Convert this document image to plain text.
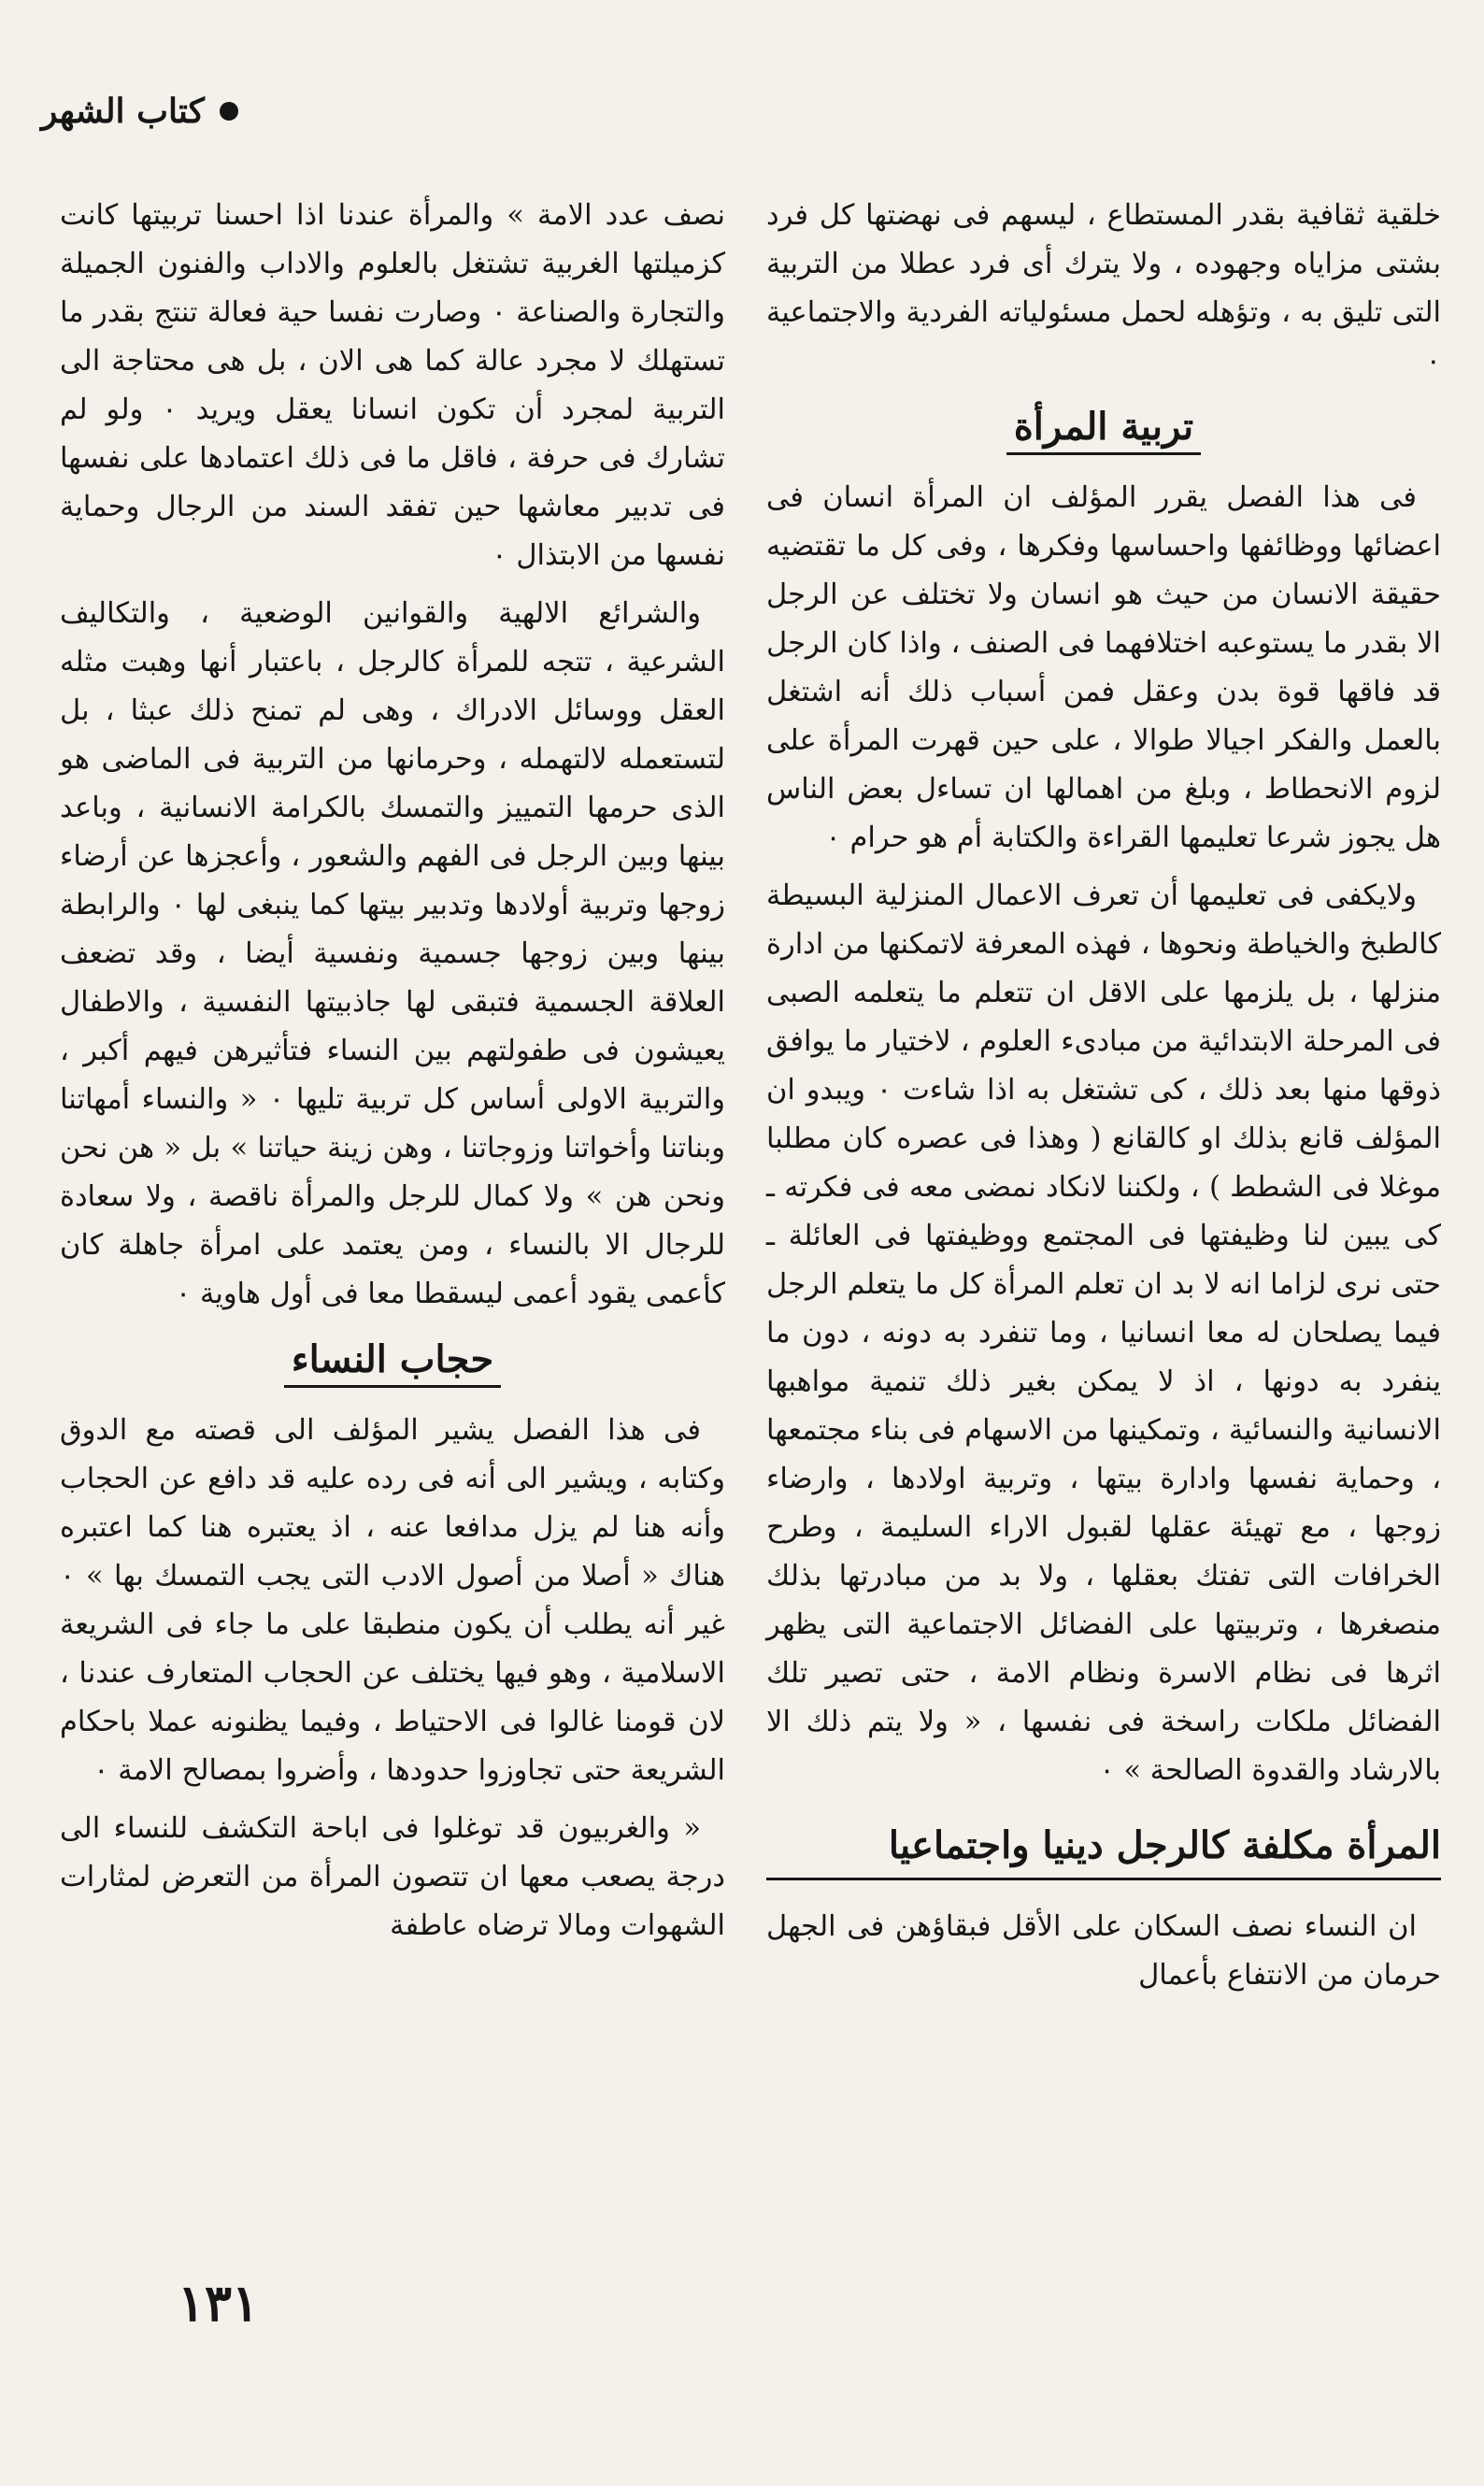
كتاب الشهر

خلقية ثقافية بقدر المستطاع ، ليسهم فى نهضتها كل فرد بشتى مزاياه وجهوده ، ولا يترك أى فرد عطلا من التربية التى تليق به ، وتؤهله لحمل مسئولياته الفردية والاجتماعية ٠

تربية المرأة

فى هذا الفصل يقرر المؤلف ان المرأة انسان فى اعضائها ووظائفها واحساسها وفكرها ، وفى كل ما تقتضيه حقيقة الانسان من حيث هو انسان ولا تختلف عن الرجل الا بقدر ما يستوعبه اختلافهما فى الصنف ، واذا كان الرجل قد فاقها قوة بدن وعقل فمن أسباب ذلك أنه اشتغل بالعمل والفكر اجيالا طوالا ، على حين قهرت المرأة على لزوم الانحطاط ، وبلغ من اهمالها ان تساءل بعض الناس هل يجوز شرعا تعليمها القراءة والكتابة أم هو حرام ٠

ولايكفى فى تعليمها أن تعرف الاعمال المنزلية البسيطة كالطبخ والخياطة ونحوها ، فهذه المعرفة لاتمكنها من ادارة منزلها ، بل يلزمها على الاقل ان تتعلم ما يتعلمه الصبى فى المرحلة الابتدائية من مبادىء العلوم ، لاختيار ما يوافق ذوقها منها بعد ذلك ، كى تشتغل به اذا شاءت ٠ ويبدو ان المؤلف قانع بذلك او كالقانع ( وهذا فى عصره كان مطلبا موغلا فى الشطط ) ، ولكننا لانكاد نمضى معه فى فكرته ـ كى يبين لنا وظيفتها فى المجتمع ووظيفتها فى العائلة ـ حتى نرى لزاما انه لا بد ان تعلم المرأة كل ما يتعلم الرجل فيما يصلحان له معا انسانيا ، وما تنفرد به دونه ، دون ما ينفرد به دونها ، اذ لا يمكن بغير ذلك تنمية مواهبها الانسانية والنسائية ، وتمكينها من الاسهام فى بناء مجتمعها ، وحماية نفسها وادارة بيتها ، وتربية اولادها ، وارضاء زوجها ، مع تهيئة عقلها لقبول الاراء السليمة ، وطرح الخرافات التى تفتك بعقلها ، ولا بد من مبادرتها بذلك منصغرها ، وتربيتها على الفضائل الاجتماعية التى يظهر اثرها فى نظام الاسرة ونظام الامة ، حتى تصير تلك الفضائل ملكات راسخة فى نفسها ، « ولا يتم ذلك الا بالارشاد والقدوة الصالحة » ٠

المرأة مكلفة كالرجل دينيا واجتماعيا

ان النساء نصف السكان على الأقل فبقاؤهن فى الجهل حرمان من الانتفاع بأعمال

نصف عدد الامة » والمرأة عندنا اذا احسنا تربيتها كانت كزميلتها الغربية تشتغل بالعلوم والاداب والفنون الجميلة والتجارة والصناعة ٠ وصارت نفسا حية فعالة تنتج بقدر ما تستهلك لا مجرد عالة كما هى الان ، بل هى محتاجة الى التربية لمجرد أن تكون انسانا يعقل ويريد ٠ ولو لم تشارك فى حرفة ، فاقل ما فى ذلك اعتمادها على نفسها فى تدبير معاشها حين تفقد السند من الرجال وحماية نفسها من الابتذال ٠

والشرائع الالهية والقوانين الوضعية ، والتكاليف الشرعية ، تتجه للمرأة كالرجل ، باعتبار أنها وهبت مثله العقل ووسائل الادراك ، وهى لم تمنح ذلك عبثا ، بل لتستعمله لالتهمله ، وحرمانها من التربية فى الماضى هو الذى حرمها التمييز والتمسك بالكرامة الانسانية ، وباعد بينها وبين الرجل فى الفهم والشعور ، وأعجزها عن أرضاء زوجها وتربية أولادها وتدبير بيتها كما ينبغى لها ٠ والرابطة بينها وبين زوجها جسمية ونفسية أيضا ، وقد تضعف العلاقة الجسمية فتبقى لها جاذبيتها النفسية ، والاطفال يعيشون فى طفولتهم بين النساء فتأثيرهن فيهم أكبر ، والتربية الاولى أساس كل تربية تليها ٠ « والنساء أمهاتنا وبناتنا وأخواتنا وزوجاتنا ، وهن زينة حياتنا » بل « هن نحن ونحن هن » ولا كمال للرجل والمرأة ناقصة ، ولا سعادة للرجال الا بالنساء ، ومن يعتمد على امرأة جاهلة كان كأعمى يقود أعمى ليسقطا معا فى أول هاوية ٠

حجاب النساء

فى هذا الفصل يشير المؤلف الى قصته مع الدوق وكتابه ، ويشير الى أنه فى رده عليه قد دافع عن الحجاب وأنه هنا لم يزل مدافعا عنه ، اذ يعتبره هنا كما اعتبره هناك « أصلا من أصول الادب التى يجب التمسك بها » ٠ غير أنه يطلب أن يكون منطبقا على ما جاء فى الشريعة الاسلامية ، وهو فيها يختلف عن الحجاب المتعارف عندنا ، لان قومنا غالوا فى الاحتياط ، وفيما يظنونه عملا باحكام الشريعة حتى تجاوزوا حدودها ، وأضروا بمصالح الامة ٠

« والغربيون قد توغلوا فى اباحة التكشف للنساء الى درجة يصعب معها ان تتصون المرأة من التعرض لمثارات الشهوات ومالا ترضاه عاطفة

١٣١
